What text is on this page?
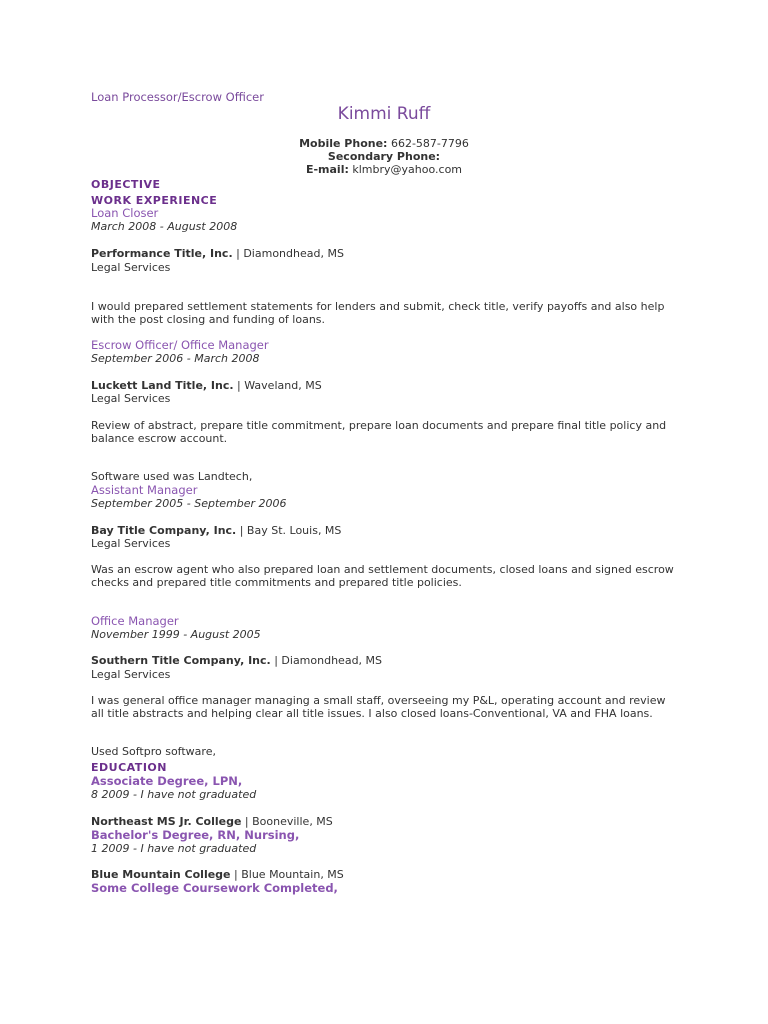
Loan Processor/Escrow Officer
Kimmi Ruff
Mobile Phone: 662-587-7796
Secondary Phone:
E-mail: klmbry@yahoo.com
OBJECTIVE
WORK EXPERIENCE
Loan Closer
March 2008 - August 2008
Performance Title, Inc. | Diamondhead, MS
Legal Services
I would prepared settlement statements for lenders and submit, check title, verify payoffs and also help with the post closing and funding of loans.
Escrow Officer/ Office Manager
September 2006 - March 2008
Luckett Land Title, Inc. | Waveland, MS
Legal Services
Review of abstract, prepare title commitment, prepare loan documents and prepare final title policy and balance escrow account.
Software used was Landtech,
Assistant Manager
September 2005 - September 2006
Bay Title Company, Inc. | Bay St. Louis, MS
Legal Services
Was an escrow agent who also prepared loan and settlement documents, closed loans and signed escrow checks and prepared title commitments and prepared title policies.
Office Manager
November 1999 - August 2005
Southern Title Company, Inc. | Diamondhead, MS
Legal Services
I was general office manager managing a small staff, overseeing my P&L, operating account and review all title abstracts and helping clear all title issues. I also closed loans-Conventional, VA and FHA loans.
Used Softpro software,
EDUCATION
Associate Degree, LPN,
8 2009 - I have not graduated
Northeast MS Jr. College | Booneville, MS
Bachelor's Degree, RN, Nursing,
1 2009 - I have not graduated
Blue Mountain College | Blue Mountain, MS
Some College Coursework Completed,
